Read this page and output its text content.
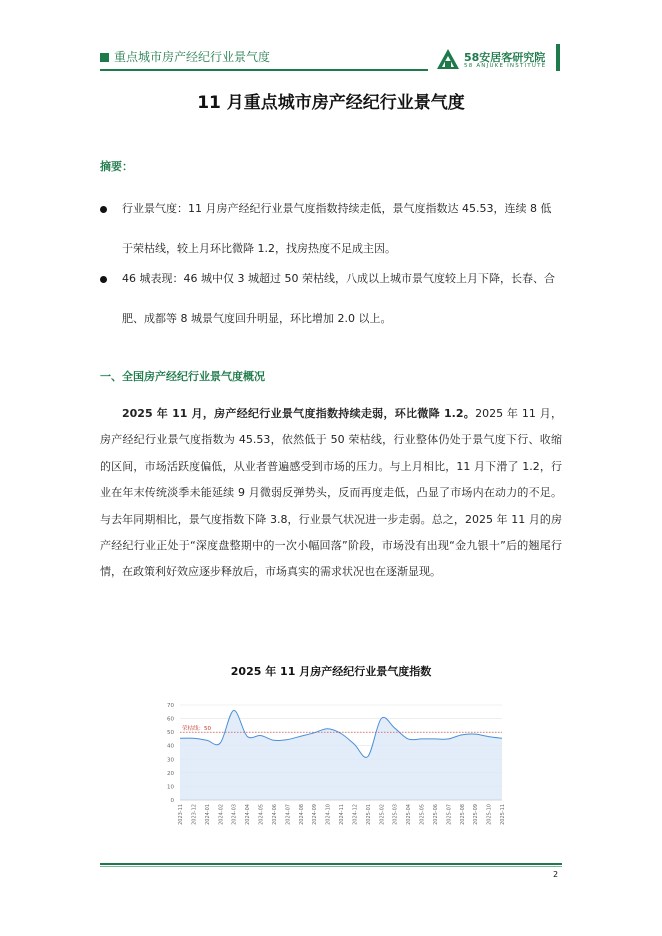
重点城市房产经纪行业景气度	58安居客研究院
58 ANJUKE INSTITUTE
11 月重点城市房产经纪行业景气度
摘要：
行业景气度：11 月房产经纪行业景气度指数持续走低，景气度指数达 45.53，连续 8 低于荣枯线，较上月环比微降 1.2，找房热度不足成主因。
46 城表现：46 城中仅 3 城超过 50 荣枯线，八成以上城市景气度较上月下降，长春、合肥、成都等 8 城景气度回升明显，环比增加 2.0 以上。
一、全国房产经纪行业景气度概况

2025 年 11 月，房产经纪行业景气度指数持续走弱，环比微降 1.2。2025 年 11 月，房产经纪行业景气度指数为 45.53，依然低于 50 荣枯线，行业整体仍处于景气度下行、收缩的区间，市场活跃度偏低，从业者普遍感受到市场的压力。与上月相比，11 月下滑了 1.2，行业在年末传统淡季未能延续 9 月微弱反弹势头，反而再度走低，凸显了市场内在动力的不足。与去年同期相比，景气度指数下降 3.8，行业景气状况进一步走弱。总之，2025 年 11 月的房产经纪行业正处于“深度盘整期中的一次小幅回落”阶段，市场没有出现“金九银十”后的翘尾行情，在政策利好效应逐步释放后，市场真实的需求状况也在逐渐显现。

2025 年 11 月房产经纪行业景气度指数
0
10
20
30
40
50
60
70
荣枯线：50
2023-11 2023-12 2024-01 2024-02 2024-03 2024-04 2024-05 2024-06 2024-07 2024-08 2024-09 2024-10 2024-11 2024-12 2025-01 2025-02 2025-03 2025-04 2025-05 2025-06 2025-07 2025-08 2025-09 2025-10 2025-11
2
